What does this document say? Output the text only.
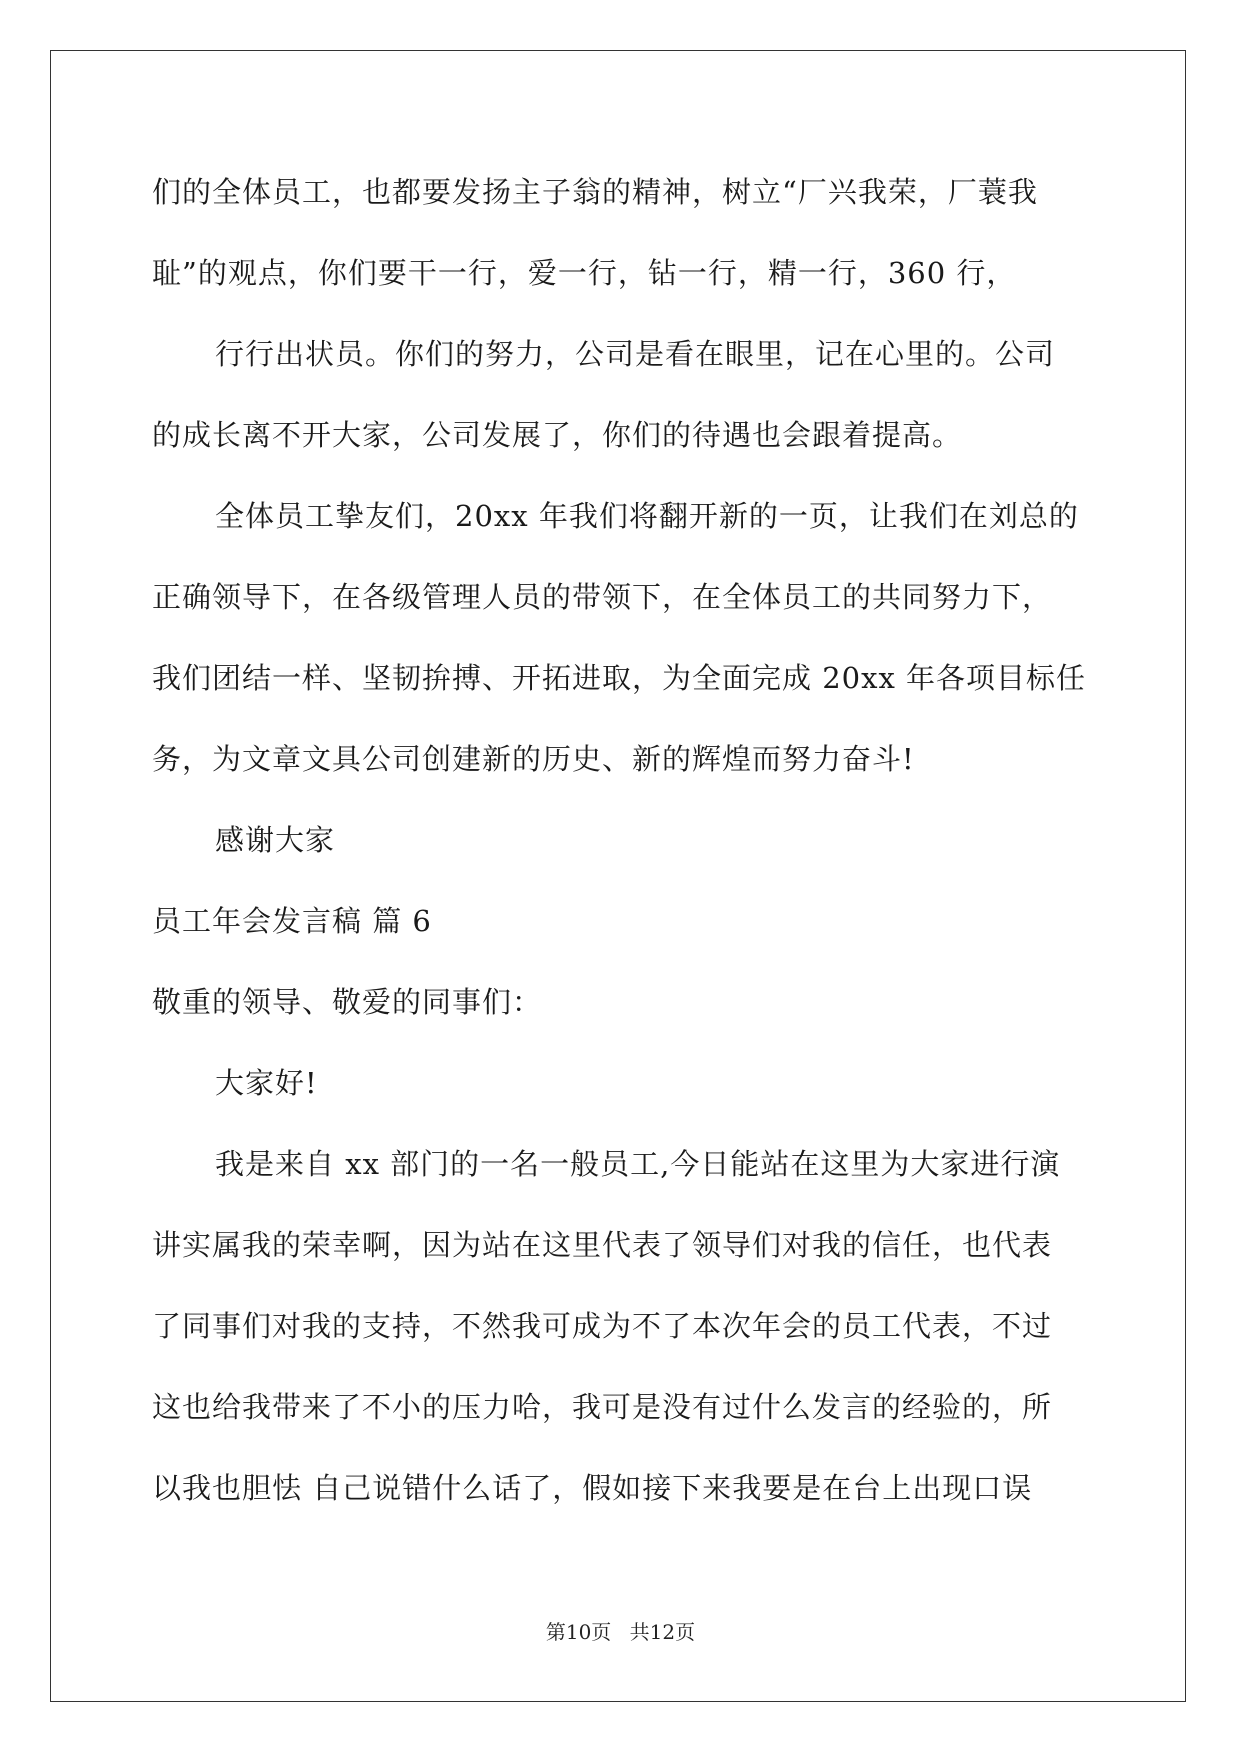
们的全体员工，也都要发扬主子翁的精神，树立“厂兴我荣，厂蓑我
耻”的观点，你们要干一行，爱一行，钻一行，精一行，360 行，
行行出状员。你们的努力，公司是看在眼里，记在心里的。公司
的成长离不开大家，公司发展了，你们的待遇也会跟着提高。
全体员工挚友们，20xx 年我们将翻开新的一页，让我们在刘总的
正确领导下，在各级管理人员的带领下，在全体员工的共同努力下，
我们团结一样、坚韧拚搏、开拓进取，为全面完成 20xx 年各项目标任
务，为文章文具公司创建新的历史、新的辉煌而努力奋斗!
感谢大家
员工年会发言稿 篇 6
敬重的领导、敬爱的同事们：
大家好!
我是来自 xx 部门的一名一般员工,今日能站在这里为大家进行演
讲实属我的荣幸啊，因为站在这里代表了领导们对我的信任，也代表
了同事们对我的支持，不然我可成为不了本次年会的员工代表，不过
这也给我带来了不小的压力哈，我可是没有过什么发言的经验的，所
以我也胆怯 自己说错什么话了，假如接下来我要是在台上出现口误
第10页 共12页
